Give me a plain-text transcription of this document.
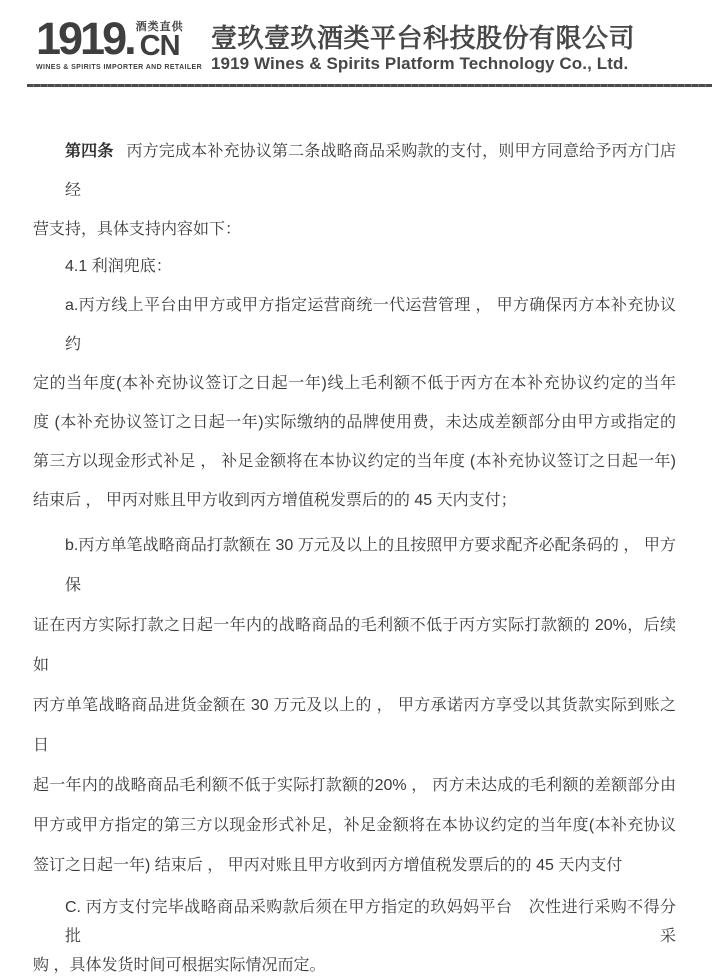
1919. 酒类直供
CN
WINES & SPIRITS IMPORTER AND RETAILER
壹玖壹玖酒类平台科技股份有限公司
1919 Wines & Spirits Platform Technology Co., Ltd.
第四条 丙方完成本补充协议第二条战略商品采购款的支付，则甲方同意给予丙方门店经
营支持，具体支持内容如下：
4.1 利润兜底：
a.丙方线上平台由甲方或甲方指定运营商统一代运营管理 ， 甲方确保丙方本补充协议约
定的当年度(本补充协议签订之日起一年)线上毛利额不低于丙方在本补充协议约定的当年
度 (本补充协议签订之日起一年)实际缴纳的品牌使用费，未达成差额部分由甲方或指定的
第三方以现金形式补足 ， 补足金额将在本协议约定的当年度 (本补充协议签订之日起一年)
结束后 ， 甲丙对账且甲方收到丙方增值税发票后的的 45 天内支付；
b.丙方单笔战略商品打款额在 30 万元及以上的且按照甲方要求配齐必配条码的 ， 甲方保
证在丙方实际打款之日起一年内的战略商品的毛利额不低于丙方实际打款额的 20%，后续如
丙方单笔战略商品进货金额在 30 万元及以上的 ， 甲方承诺丙方享受以其货款实际到账之日
起一年内的战略商品毛利额不低于实际打款额的20% ， 丙方未达成的毛利额的差额部分由
甲方或甲方指定的第三方以现金形式补足，补足金额将在本协议约定的当年度(本补充协议
签订之日起一年) 结束后 ， 甲丙对账且甲方收到丙方增值税发票后的的 45 天内支付
C. 丙方支付完毕战略商品采购款后须在甲方指定的玖妈妈平台　次性进行采购不得分批采
购 ，具体发货时间可根据实际情况而定。
